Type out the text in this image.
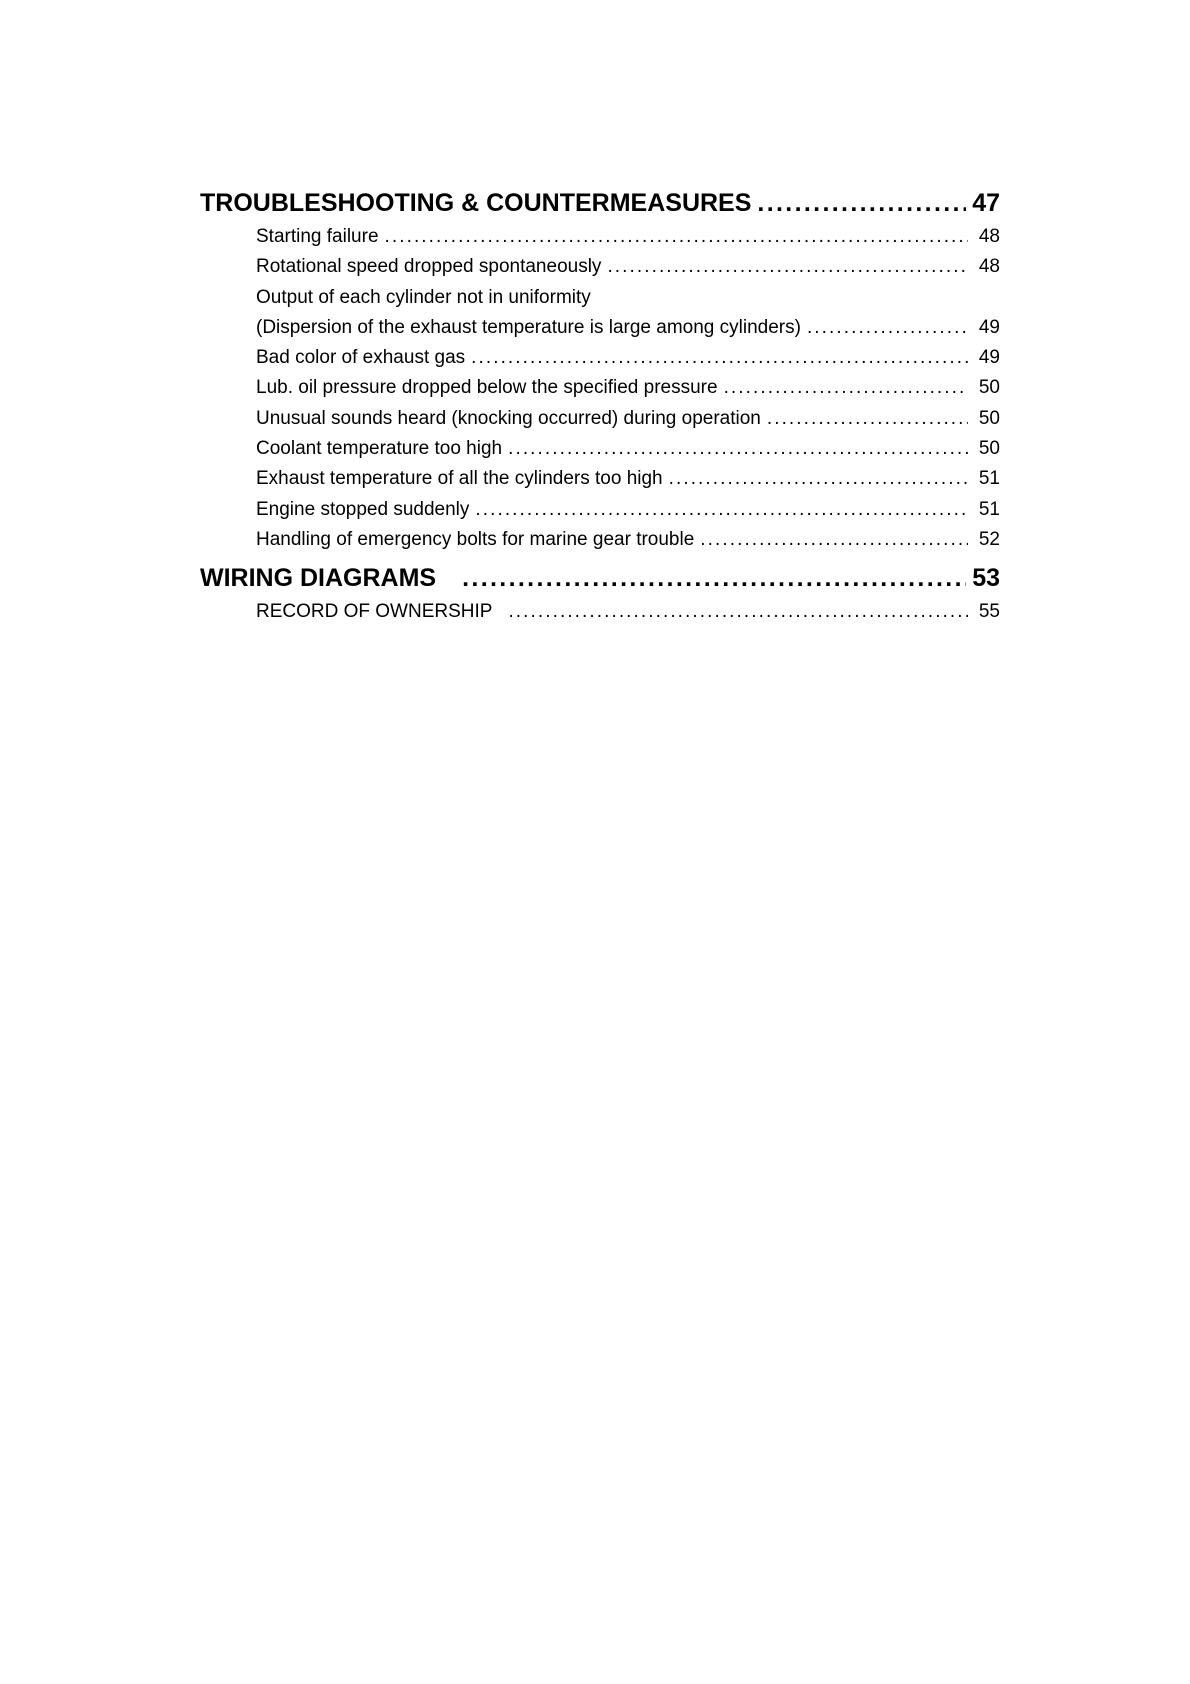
TROUBLESHOOTING & COUNTERMEASURES . . .	47
Starting failure . . .	48
Rotational speed dropped spontaneously . . .	48
Output of each cylinder not in uniformity
(Dispersion of the exhaust temperature is large among cylinders) . . .	49
Bad color of exhaust gas . . .	49
Lub. oil pressure dropped below the specified pressure . . .	50
Unusual sounds heard (knocking occurred) during operation . . .	50
Coolant temperature too high . . .	50
Exhaust temperature of all the cylinders too high . . .	51
Engine stopped suddenly . . .	51
Handling of emergency bolts for marine gear trouble . . .	52
WIRING DIAGRAMS . . .	53
RECORD OF OWNERSHIP . . .	55
